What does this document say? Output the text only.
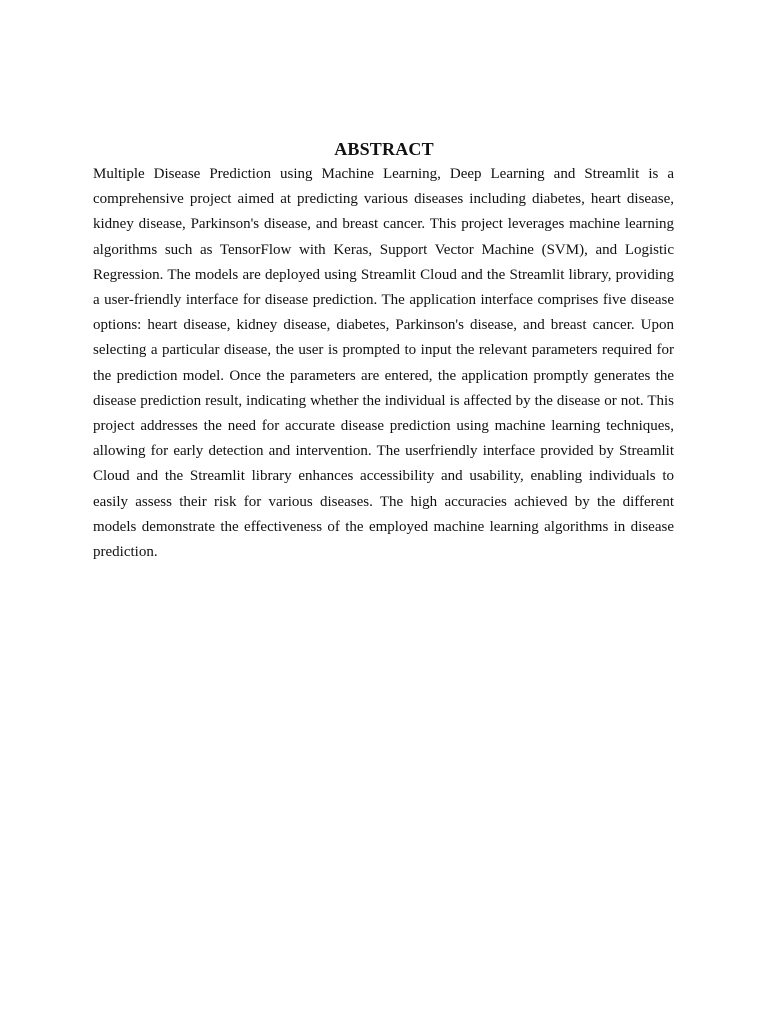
ABSTRACT

Multiple Disease Prediction using Machine Learning, Deep Learning and Streamlit is a comprehensive project aimed at predicting various diseases including diabetes, heart disease, kidney disease, Parkinson's disease, and breast cancer. This project leverages machine learning algorithms such as TensorFlow with Keras, Support Vector Machine (SVM), and Logistic Regression. The models are deployed using Streamlit Cloud and the Streamlit library, providing a user-friendly interface for disease prediction. The application interface comprises five disease options: heart disease, kidney disease, diabetes, Parkinson's disease, and breast cancer. Upon selecting a particular disease, the user is prompted to input the relevant parameters required for the prediction model. Once the parameters are entered, the application promptly generates the disease prediction result, indicating whether the individual is affected by the disease or not. This project addresses the need for accurate disease prediction using machine learning techniques, allowing for early detection and intervention. The userfriendly interface provided by Streamlit Cloud and the Streamlit library enhances accessibility and usability, enabling individuals to easily assess their risk for various diseases. The high accuracies achieved by the different models demonstrate the effectiveness of the employed machine learning algorithms in disease prediction.
